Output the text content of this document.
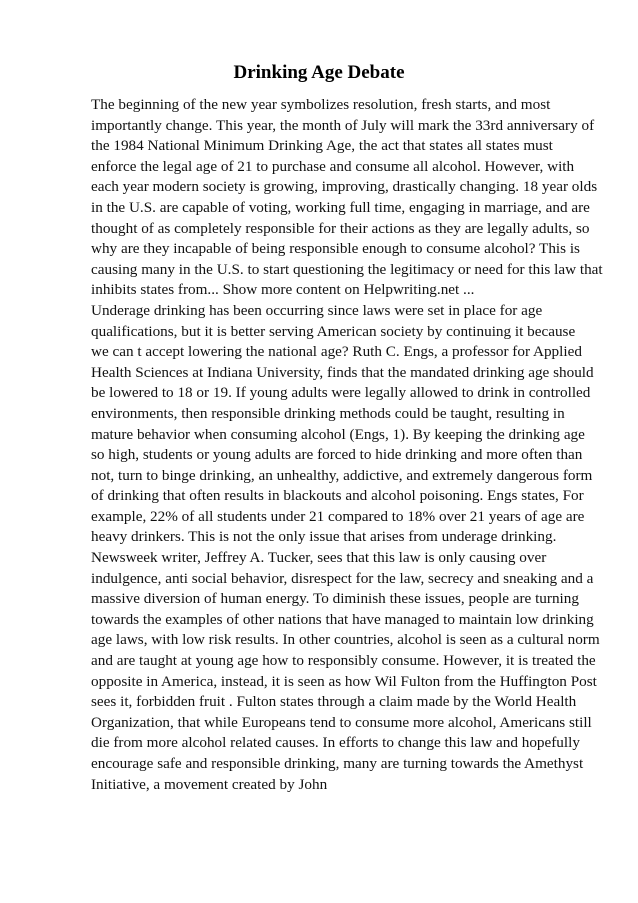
Drinking Age Debate
The beginning of the new year symbolizes resolution, fresh starts, and most
importantly change. This year, the month of July will mark the 33rd anniversary of
the 1984 National Minimum Drinking Age, the act that states all states must
enforce the legal age of 21 to purchase and consume all alcohol. However, with
each year modern society is growing, improving, drastically changing. 18 year olds
in the U.S. are capable of voting, working full time, engaging in marriage, and are
thought of as completely responsible for their actions as they are legally adults, so
why are they incapable of being responsible enough to consume alcohol? This is
causing many in the U.S. to start questioning the legitimacy or need for this law that
inhibits states from... Show more content on Helpwriting.net ...
Underage drinking has been occurring since laws were set in place for age
qualifications, but it is better serving American society by continuing it because
we can t accept lowering the national age? Ruth C. Engs, a professor for Applied
Health Sciences at Indiana University, finds that the mandated drinking age should
be lowered to 18 or 19. If young adults were legally allowed to drink in controlled
environments, then responsible drinking methods could be taught, resulting in
mature behavior when consuming alcohol (Engs, 1). By keeping the drinking age
so high, students or young adults are forced to hide drinking and more often than
not, turn to binge drinking, an unhealthy, addictive, and extremely dangerous form
of drinking that often results in blackouts and alcohol poisoning. Engs states, For
example, 22% of all students under 21 compared to 18% over 21 years of age are
heavy drinkers. This is not the only issue that arises from underage drinking.
Newsweek writer, Jeffrey A. Tucker, sees that this law is only causing over
indulgence, anti social behavior, disrespect for the law, secrecy and sneaking and a
massive diversion of human energy. To diminish these issues, people are turning
towards the examples of other nations that have managed to maintain low drinking
age laws, with low risk results. In other countries, alcohol is seen as a cultural norm
and are taught at young age how to responsibly consume. However, it is treated the
opposite in America, instead, it is seen as how Wil Fulton from the Huffington Post
sees it, forbidden fruit . Fulton states through a claim made by the World Health
Organization, that while Europeans tend to consume more alcohol, Americans still
die from more alcohol related causes. In efforts to change this law and hopefully
encourage safe and responsible drinking, many are turning towards the Amethyst
Initiative, a movement created by John
